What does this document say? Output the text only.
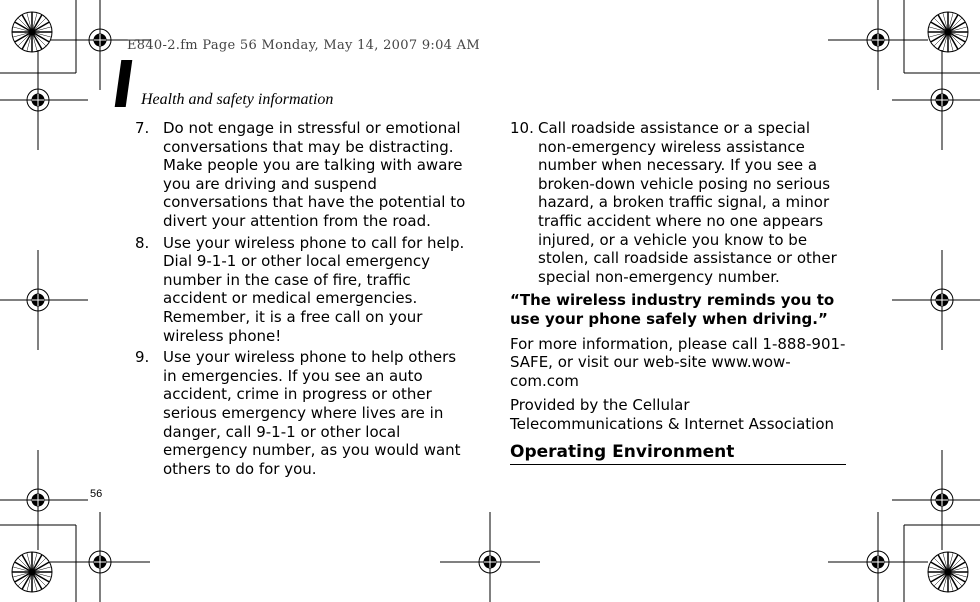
E840-2.fm Page 56 Monday, May 14, 2007 9:04 AM
Health and safety information
56
7. Do not engage in stressful or emotional conversations that may be distracting. Make people you are talking with aware you are driving and suspend conversations that have the potential to divert your attention from the road.
8. Use your wireless phone to call for help. Dial 9-1-1 or other local emergency number in the case of fire, traffic accident or medical emergencies. Remember, it is a free call on your wireless phone!
9. Use your wireless phone to help others in emergencies. If you see an auto accident, crime in progress or other serious emergency where lives are in danger, call 9-1-1 or other local emergency number, as you would want others to do for you.
10. Call roadside assistance or a special non-emergency wireless assistance number when necessary. If you see a broken-down vehicle posing no serious hazard, a broken traffic signal, a minor traffic accident where no one appears injured, or a vehicle you know to be stolen, call roadside assistance or other special non-emergency number.
“The wireless industry reminds you to use your phone safely when driving.”
For more information, please call 1-888-901-SAFE, or visit our web-site www.wow-com.com
Provided by the Cellular Telecommunications & Internet Association
Operating Environment
